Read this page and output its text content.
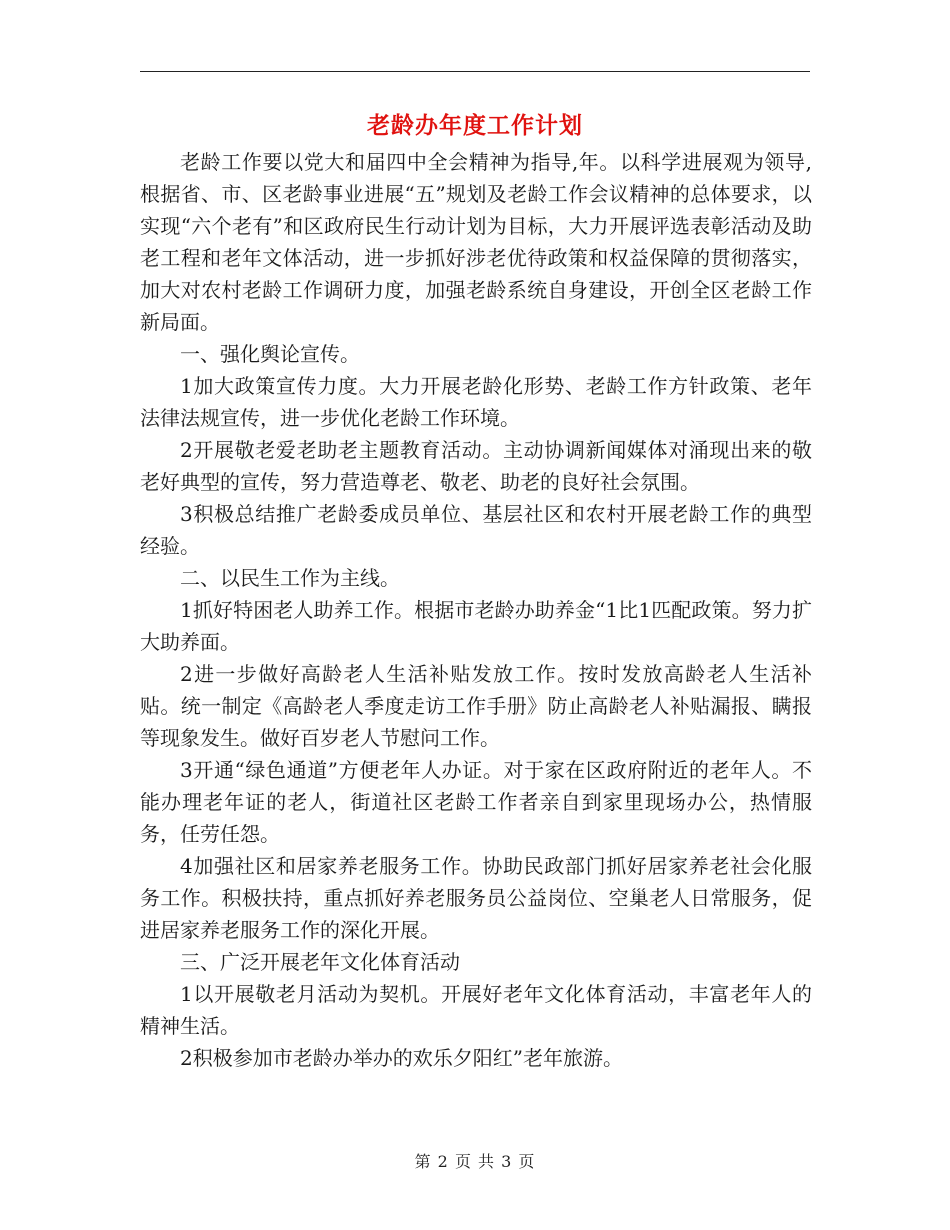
老龄办年度工作计划

老龄工作要以党大和届四中全会精神为指导,年。以科学进展观为领导,根据省、市、区老龄事业进展“五”规划及老龄工作会议精神的总体要求，以实现“六个老有”和区政府民生行动计划为目标，大力开展评选表彰活动及助老工程和老年文体活动，进一步抓好涉老优待政策和权益保障的贯彻落实，加大对农村老龄工作调研力度，加强老龄系统自身建设，开创全区老龄工作新局面。

一、强化舆论宣传。

1加大政策宣传力度。大力开展老龄化形势、老龄工作方针政策、老年法律法规宣传，进一步优化老龄工作环境。

2开展敬老爱老助老主题教育活动。主动协调新闻媒体对涌现出来的敬老好典型的宣传，努力营造尊老、敬老、助老的良好社会氛围。

3积极总结推广老龄委成员单位、基层社区和农村开展老龄工作的典型经验。

二、以民生工作为主线。

1抓好特困老人助养工作。根据市老龄办助养金“1比1匹配政策。努力扩大助养面。

2进一步做好高龄老人生活补贴发放工作。按时发放高龄老人生活补贴。统一制定《高龄老人季度走访工作手册》防止高龄老人补贴漏报、瞒报等现象发生。做好百岁老人节慰问工作。

3开通“绿色通道”方便老年人办证。对于家在区政府附近的老年人。不能办理老年证的老人，街道社区老龄工作者亲自到家里现场办公，热情服务，任劳任怨。

4加强社区和居家养老服务工作。协助民政部门抓好居家养老社会化服务工作。积极扶持，重点抓好养老服务员公益岗位、空巢老人日常服务，促进居家养老服务工作的深化开展。

三、广泛开展老年文化体育活动

1以开展敬老月活动为契机。开展好老年文化体育活动，丰富老年人的精神生活。

2积极参加市老龄办举办的欢乐夕阳红”老年旅游。

第 2 页 共 3 页
